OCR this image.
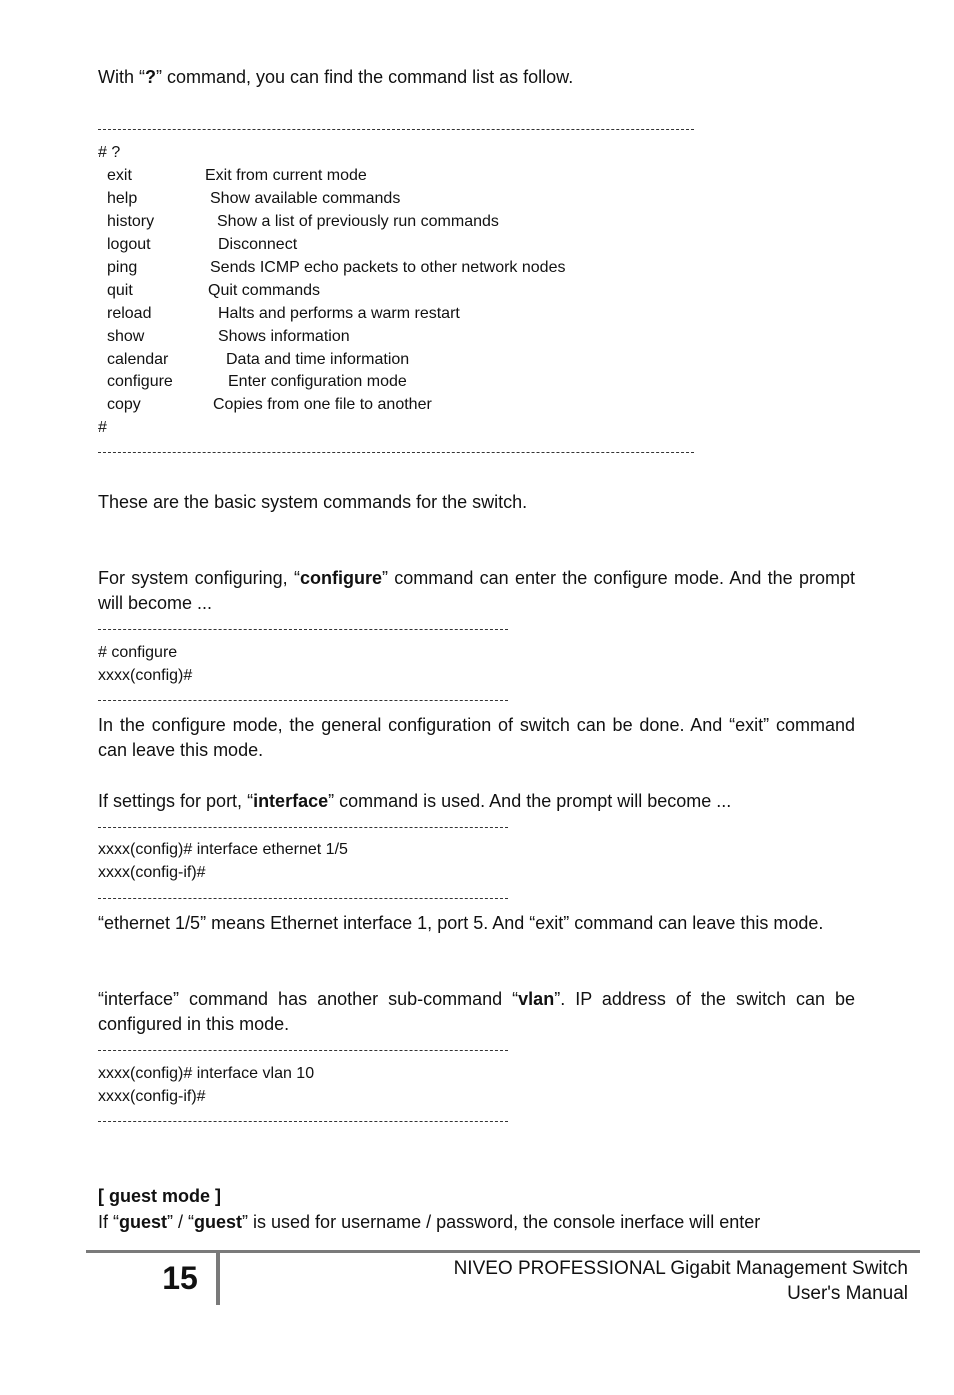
With “?” command, you can find the command list as follow.

# ?
exit	Exit from current mode
help	Show available commands
history	Show a list of previously run commands
logout	Disconnect
ping	Sends ICMP echo packets to other network nodes
quit	Quit commands
reload	Halts and performs a warm restart
show	Shows information
calendar	Data and time information
configure	Enter configuration mode
copy	Copies from one file to another
#

These are the basic system commands for the switch.

For system configuring, “configure” command can enter the configure mode. And the prompt will become ...

# configure
xxxx(config)#

In the configure mode, the general configuration of switch can be done. And “exit” command can leave this mode.

If settings for port, “interface” command is used. And the prompt will become ...

xxxx(config)# interface ethernet 1/5
xxxx(config-if)#

“ethernet 1/5” means Ethernet interface 1, port 5. And “exit” command can leave this mode.

“interface” command has another sub-command “vlan”. IP address of the switch can be configured in this mode.

xxxx(config)# interface vlan 10
xxxx(config-if)#

[ guest mode ]

If “guest” / “guest” is used for username / password, the console inerface will enter

15	NIVEO PROFESSIONAL Gigabit Management Switch
User's Manual
